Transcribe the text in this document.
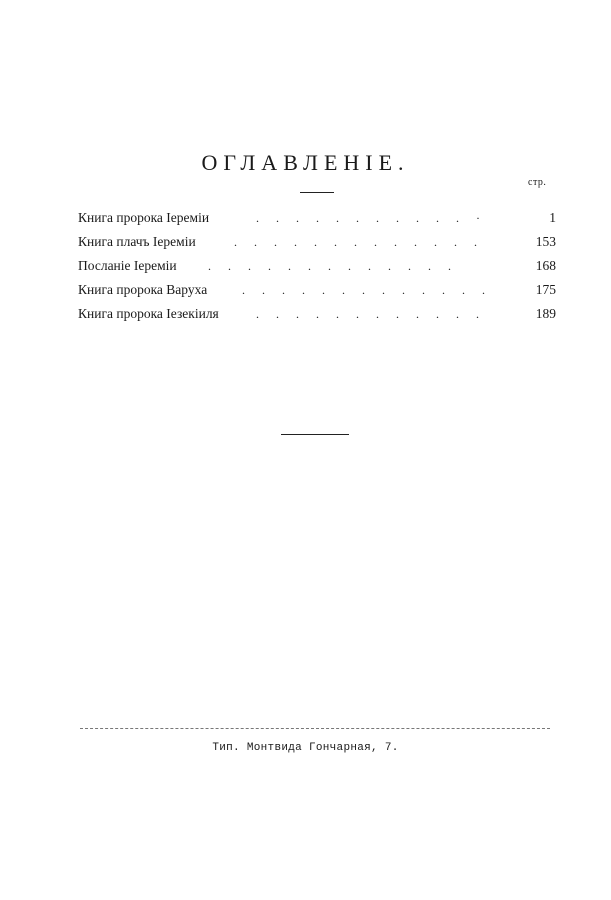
ОГЛАВЛЕНІЕ.
стр.
Книга пророка Іереміи	. . . . . . . . . . . ·	1
Книга плачъ Іереміи	. . . . . . . . . . . . .	153
Посланіе Іереміи	. . . . . . . . . . . . .	168
Книга пророка Варуха	. . . . . . . . . . . . .	175
Книга пророка Іезекіиля	. . . . . . . . . . . .	189
Тип. Монтвида Гончарная, 7.
